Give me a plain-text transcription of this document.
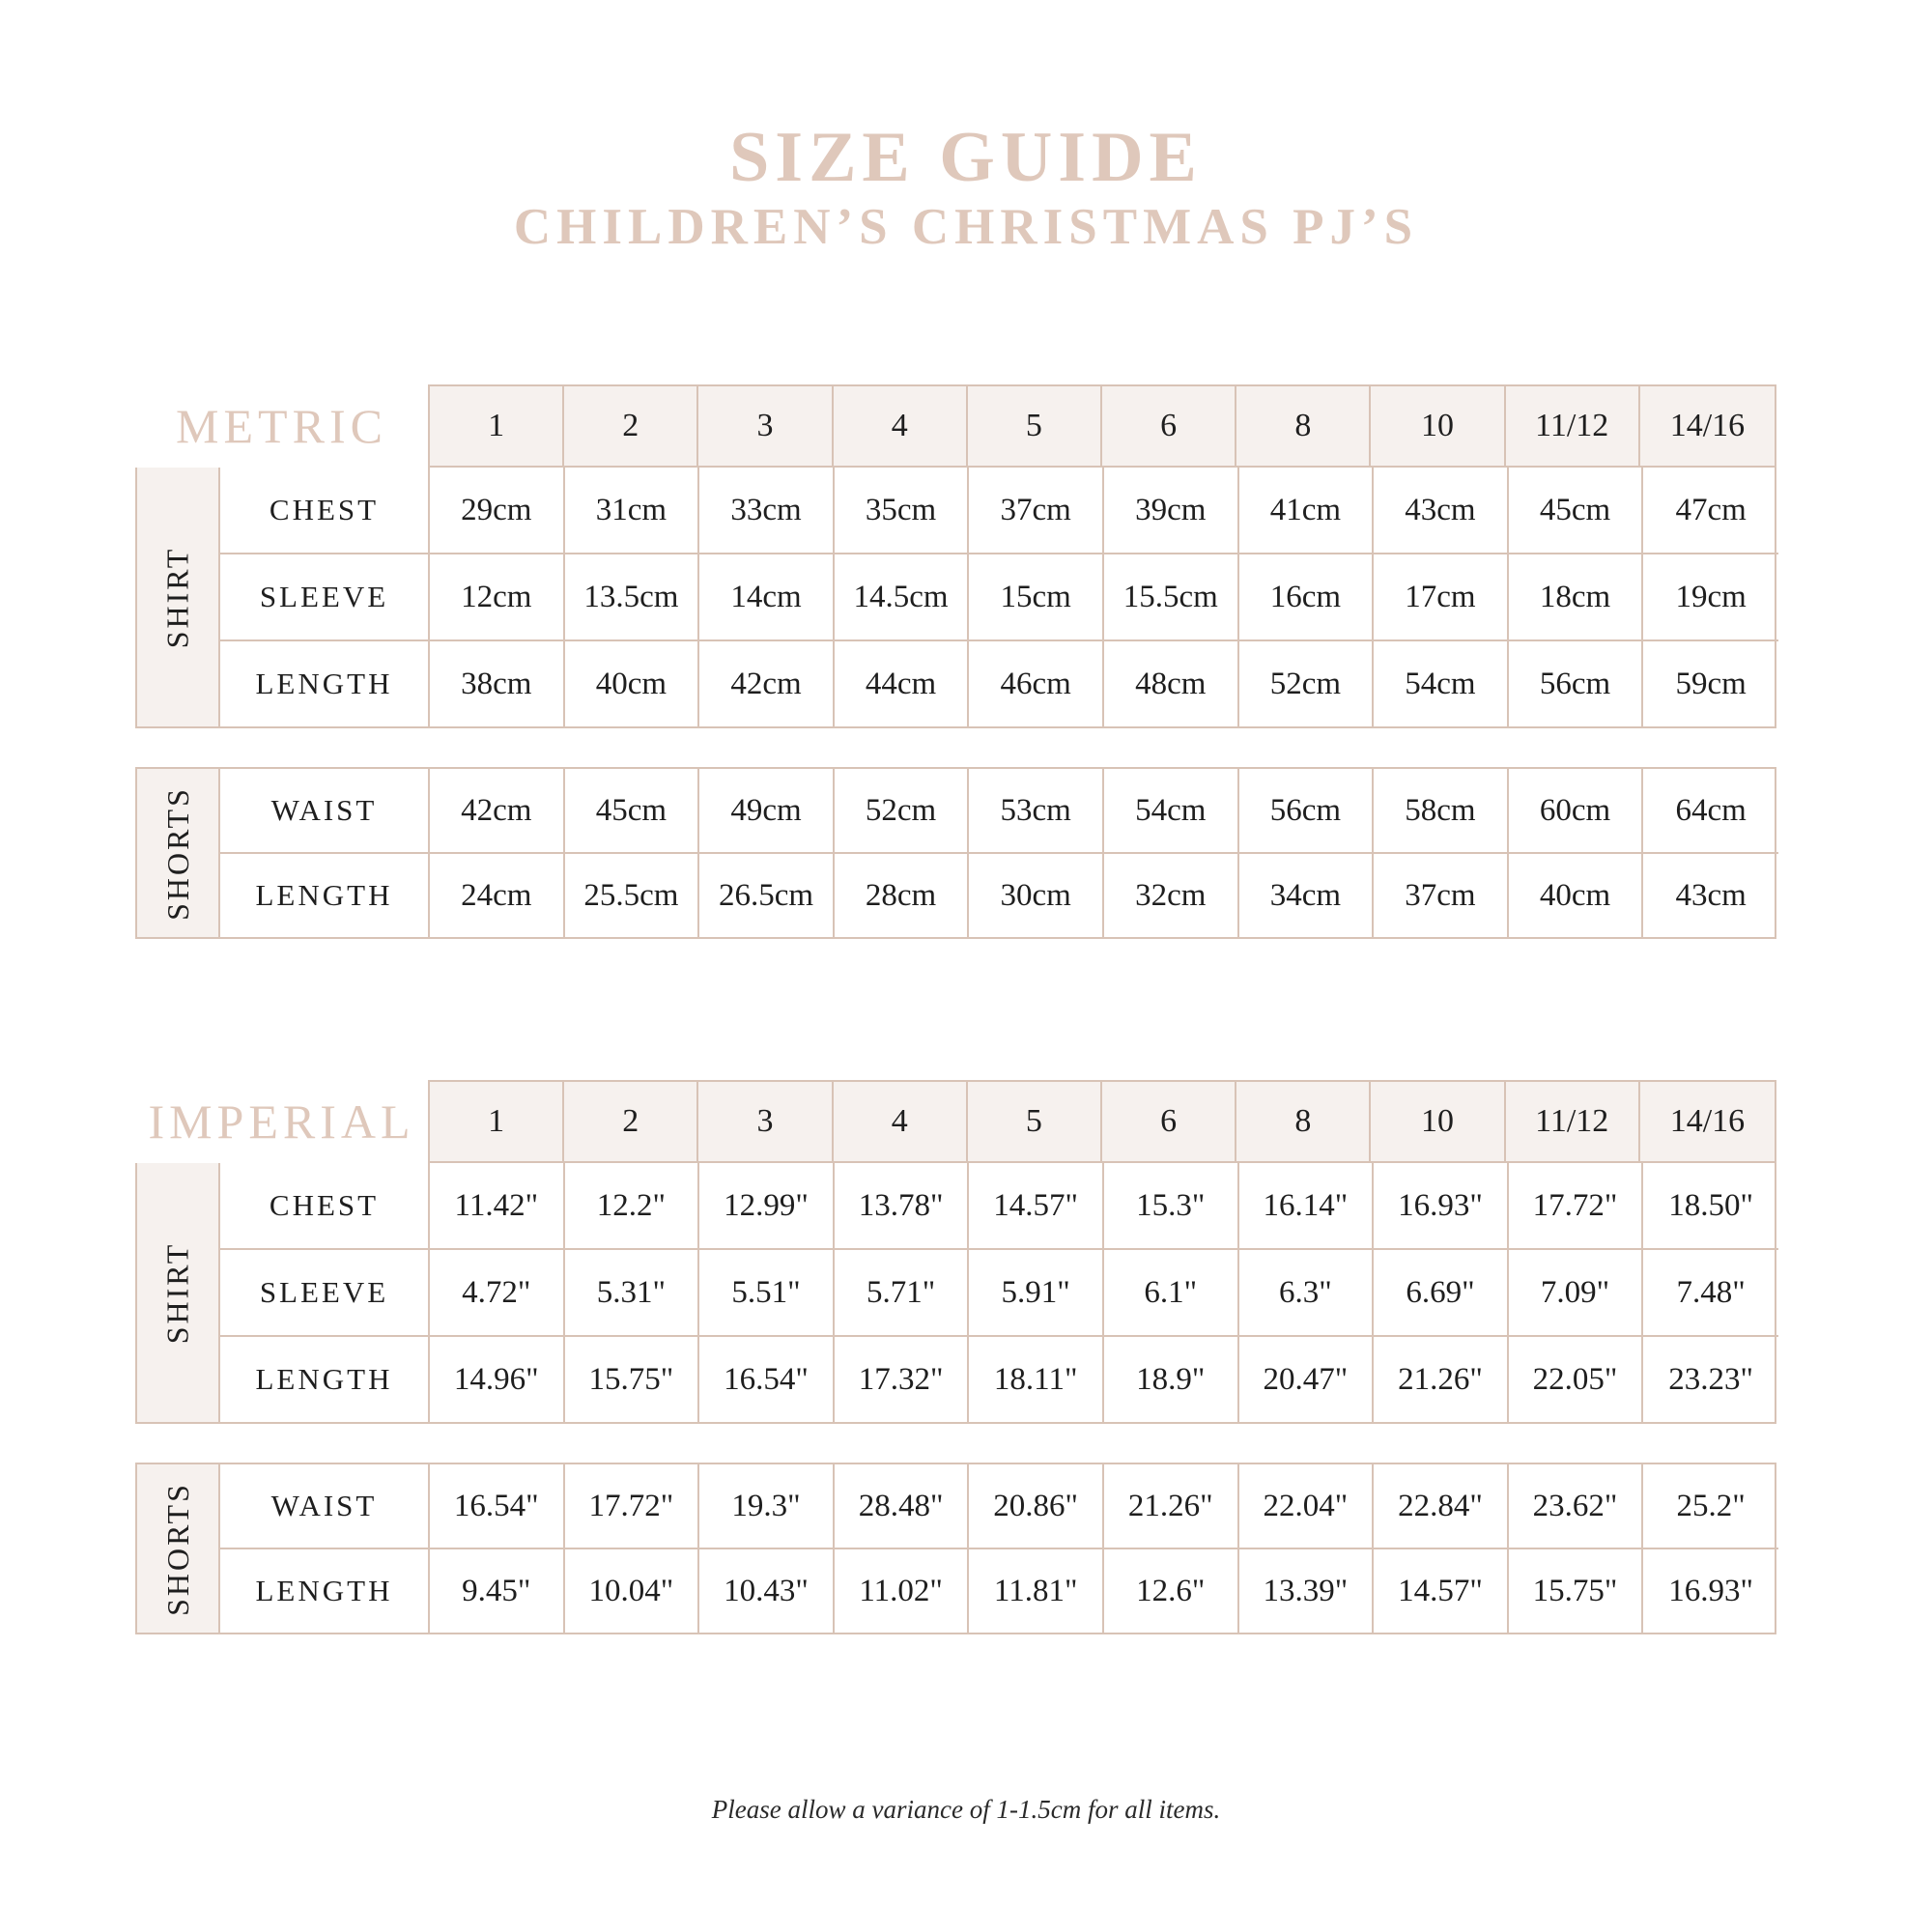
SIZE GUIDE
CHILDREN’S CHRISTMAS PJ’S
METRIC	1	2	3	4	5	6	8	10	11/12	14/16
SHIRT
CHEST	29cm	31cm	33cm	35cm	37cm	39cm	41cm	43cm	45cm	47cm
SLEEVE	12cm	13.5cm	14cm	14.5cm	15cm	15.5cm	16cm	17cm	18cm	19cm
LENGTH	38cm	40cm	42cm	44cm	46cm	48cm	52cm	54cm	56cm	59cm
SHORTS	WAIST	42cm	45cm	49cm	52cm	53cm	54cm	56cm	58cm	60cm	64cm
LENGTH	24cm	25.5cm	26.5cm	28cm	30cm	32cm	34cm	37cm	40cm	43cm
IMPERIAL	1	2	3	4	5	6	8	10	11/12	14/16
SHIRT
CHEST	11.42"	12.2"	12.99"	13.78"	14.57"	15.3"	16.14"	16.93"	17.72"	18.50"
SLEEVE	4.72"	5.31"	5.51"	5.71"	5.91"	6.1"	6.3"	6.69"	7.09"	7.48"
LENGTH	14.96"	15.75"	16.54"	17.32"	18.11"	18.9"	20.47"	21.26"	22.05"	23.23"
SHORTS	WAIST	16.54"	17.72"	19.3"	28.48"	20.86"	21.26"	22.04"	22.84"	23.62"	25.2"
LENGTH	9.45"	10.04"	10.43"	11.02"	11.81"	12.6"	13.39"	14.57"	15.75"	16.93"

Please allow a variance of 1-1.5cm for all items.
